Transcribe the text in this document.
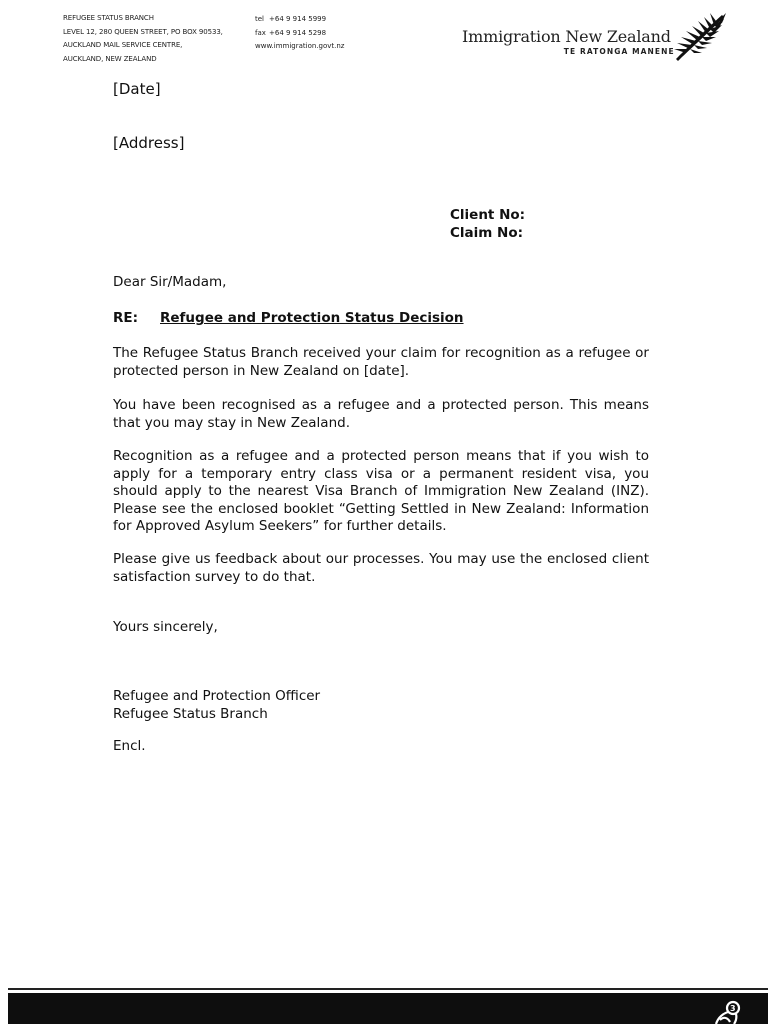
REFUGEE STATUS BRANCH
LEVEL 12, 280 QUEEN STREET, PO BOX 90533,
AUCKLAND MAIL SERVICE CENTRE,
AUCKLAND, NEW ZEALAND
tel +64 9 914 5999
fax +64 9 914 5298
www.immigration.govt.nz	Immigration New Zealand
TE RATONGA MANENE
[Date]
[Address]
Client No:
Claim No:
Dear Sir/Madam,
RE: Refugee and Protection Status Decision
The Refugee Status Branch received your claim for recognition as a refugee or protected person in New Zealand on [date].
You have been recognised as a refugee and a protected person. This means that you may stay in New Zealand.
Recognition as a refugee and a protected person means that if you wish to apply for a temporary entry class visa or a permanent resident visa, you should apply to the nearest Visa Branch of Immigration New Zealand (INZ). Please see the enclosed booklet “Getting Settled in New Zealand: Information for Approved Asylum Seekers” for further details.
Please give us feedback about our processes. You may use the enclosed client satisfaction survey to do that.
Yours sincerely,
Refugee and Protection Officer
Refugee Status Branch
Encl.
3
